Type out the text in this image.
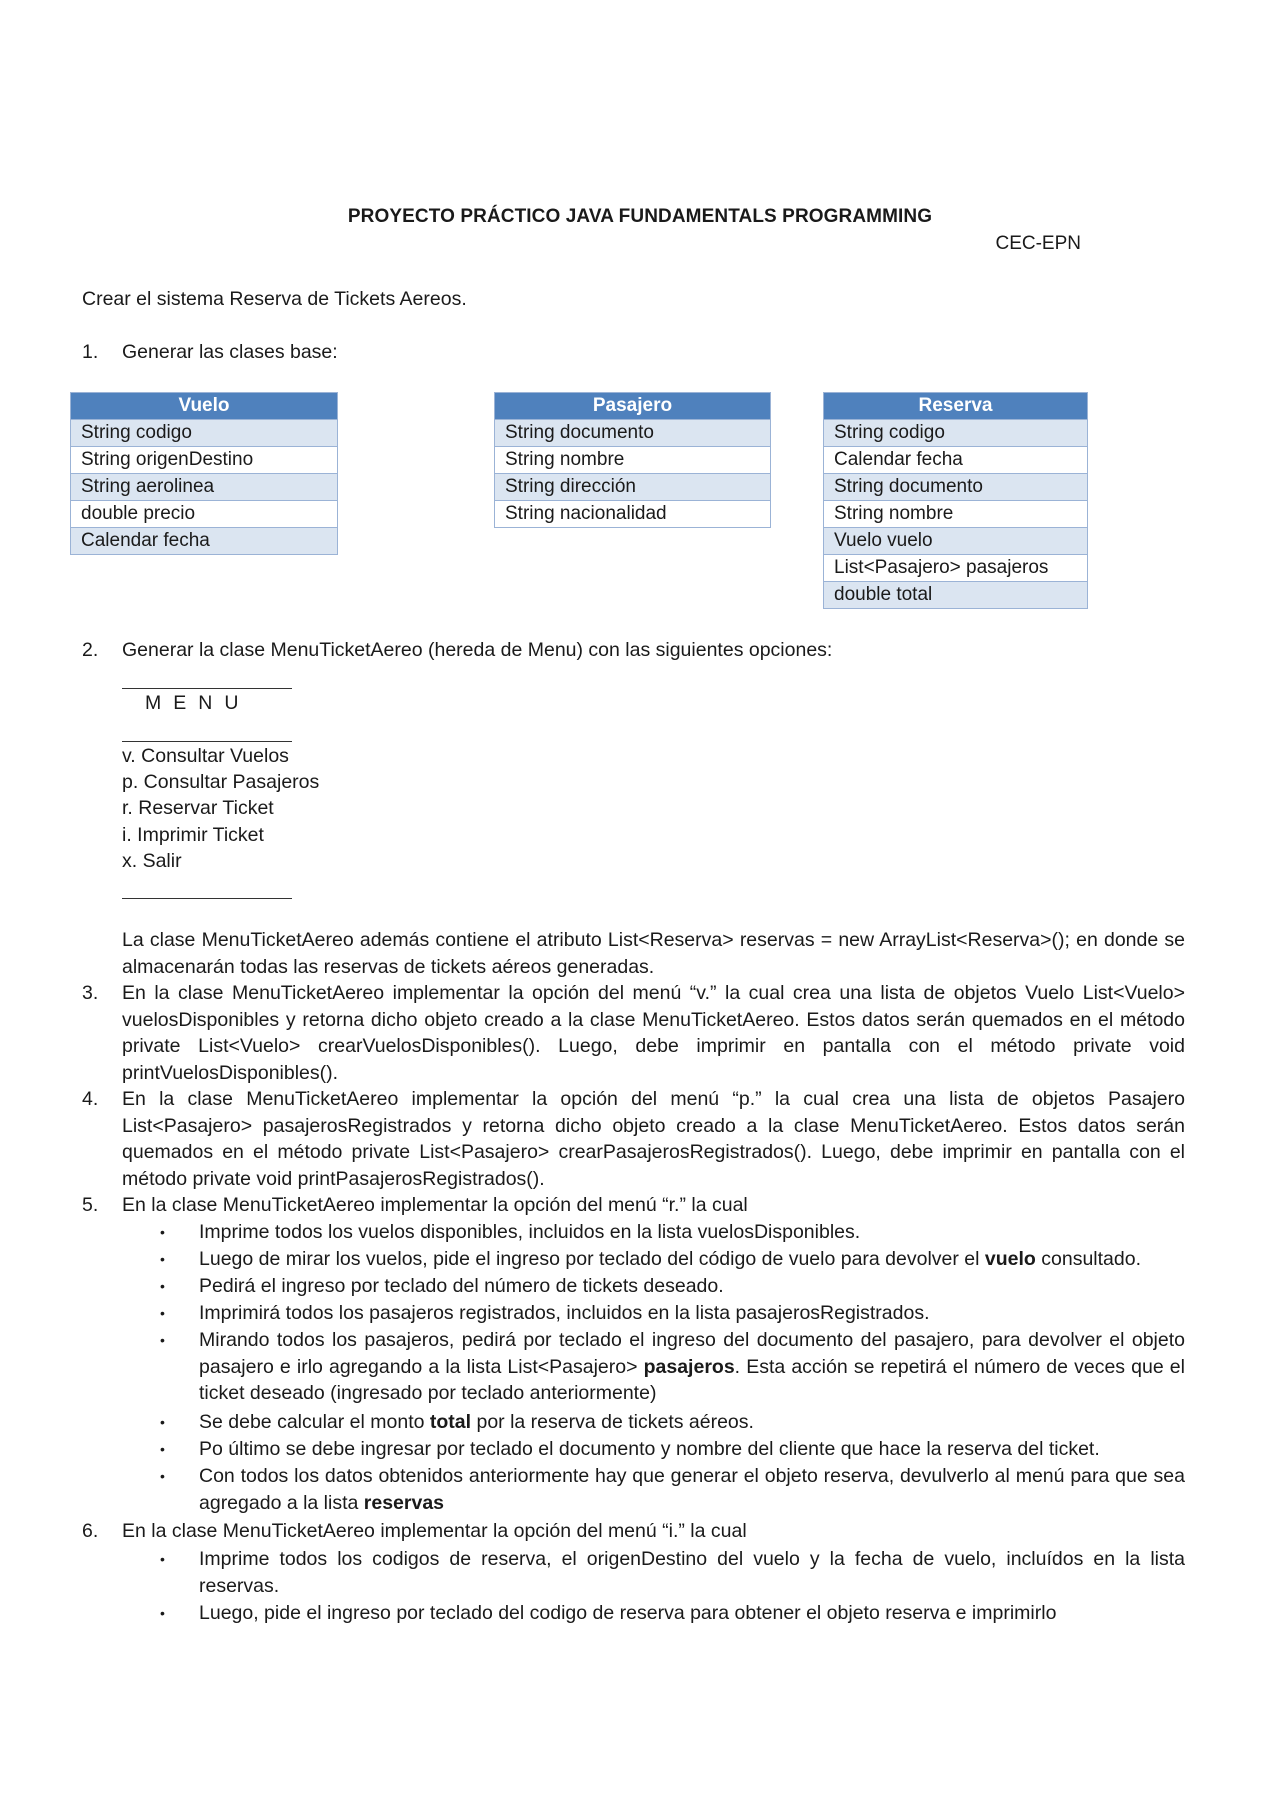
PROYECTO PRÁCTICO JAVA FUNDAMENTALS PROGRAMMING
CEC-EPN
Crear el sistema Reserva de Tickets Aereos.
1. Generar las clases base:
Vuelo
String codigo
String origenDestino
String aerolinea
double precio
Calendar fecha
Pasajero
String documento
String nombre
String dirección
String nacionalidad
Reserva
String codigo
Calendar fecha
String documento
String nombre
Vuelo vuelo
List<Pasajero> pasajeros
double total
2. Generar la clase MenuTicketAereo (hereda de Menu) con las siguientes opciones:
MENU
v. Consultar Vuelos
p. Consultar Pasajeros
r. Reservar Ticket
i. Imprimir Ticket
x. Salir
La clase MenuTicketAereo además contiene el atributo List<Reserva> reservas = new ArrayList<Reserva>(); en donde se almacenarán todas las reservas de tickets aéreos generadas.
3. En la clase MenuTicketAereo implementar la opción del menú “v.” la cual crea una lista de objetos Vuelo List<Vuelo> vuelosDisponibles y retorna dicho objeto creado a la clase MenuTicketAereo. Estos datos serán quemados en el método private List<Vuelo> crearVuelosDisponibles(). Luego, debe imprimir en pantalla con el método private void printVuelosDisponibles().
4. En la clase MenuTicketAereo implementar la opción del menú “p.” la cual crea una lista de objetos Pasajero List<Pasajero> pasajerosRegistrados y retorna dicho objeto creado a la clase MenuTicketAereo. Estos datos serán quemados en el método private List<Pasajero> crearPasajerosRegistrados(). Luego, debe imprimir en pantalla con el método private void printPasajerosRegistrados().
5. En la clase MenuTicketAereo implementar la opción del menú “r.” la cual
• Imprime todos los vuelos disponibles, incluidos en la lista vuelosDisponibles.
• Luego de mirar los vuelos, pide el ingreso por teclado del código de vuelo para devolver el vuelo consultado.
• Pedirá el ingreso por teclado del número de tickets deseado.
• Imprimirá todos los pasajeros registrados, incluidos en la lista pasajerosRegistrados.
• Mirando todos los pasajeros, pedirá por teclado el ingreso del documento del pasajero, para devolver el objeto pasajero e irlo agregando a la lista List<Pasajero> pasajeros. Esta acción se repetirá el número de veces que el ticket deseado (ingresado por teclado anteriormente)
• Se debe calcular el monto total por la reserva de tickets aéreos.
• Po último se debe ingresar por teclado el documento y nombre del cliente que hace la reserva del ticket.
• Con todos los datos obtenidos anteriormente hay que generar el objeto reserva, devulverlo al menú para que sea agregado a la lista reservas
6. En la clase MenuTicketAereo implementar la opción del menú “i.” la cual
• Imprime todos los codigos de reserva, el origenDestino del vuelo y la fecha de vuelo, incluídos en la lista reservas.
• Luego, pide el ingreso por teclado del codigo de reserva para obtener el objeto reserva e imprimirlo
